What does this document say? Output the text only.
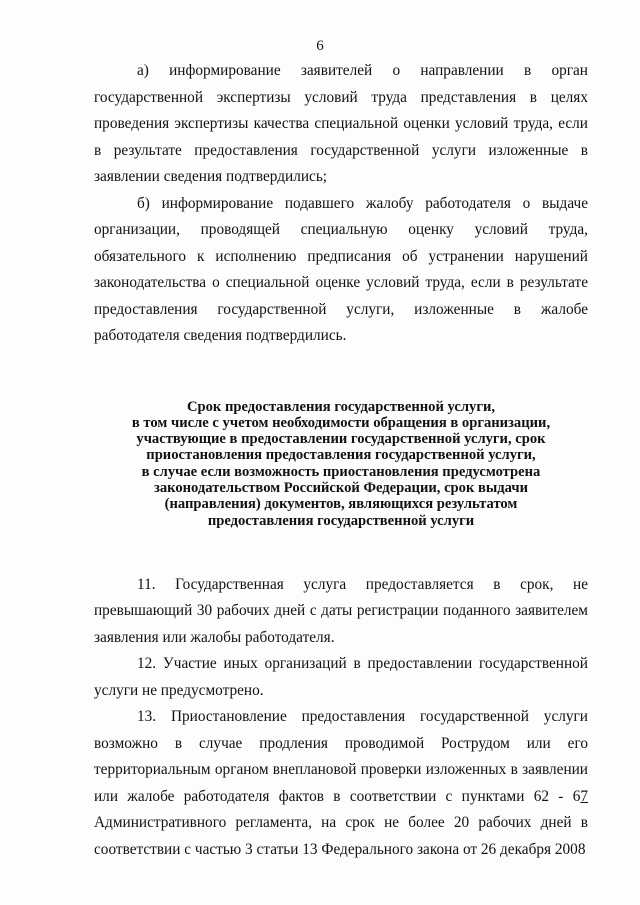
6

а) информирование заявителей о направлении в орган государственной экспертизы условий труда представления в целях проведения экспертизы качества специальной оценки условий труда, если в результате предоставления государственной услуги изложенные в заявлении сведения подтвердились;

б) информирование подавшего жалобу работодателя о выдаче организации, проводящей специальную оценку условий труда, обязательного к исполнению предписания об устранении нарушений законодательства о специальной оценке условий труда, если в результате предоставления государственной услуги, изложенные в жалобе работодателя сведения подтвердились.

Срок предоставления государственной услуги,
в том числе с учетом необходимости обращения в организации,
участвующие в предоставлении государственной услуги, срок
приостановления предоставления государственной услуги,
в случае если возможность приостановления предусмотрена
законодательством Российской Федерации, срок выдачи
(направления) документов, являющихся результатом
предоставления государственной услуги

11. Государственная услуга предоставляется в срок, не превышающий 30 рабочих дней с даты регистрации поданного заявителем заявления или жалобы работодателя.

12. Участие иных организаций в предоставлении государственной услуги не предусмотрено.

13. Приостановление предоставления государственной услуги возможно в случае продления проводимой Роструд​ом или его территориальным органом внеплановой проверки изложенных в заявлении или жалобе работодателя фактов в соответствии с пунктами 62 - 67 Административного регламента, на срок не более 20 рабочих дней в соответствии с частью 3 статьи 13 Федерального закона от 26 декабря 2008
